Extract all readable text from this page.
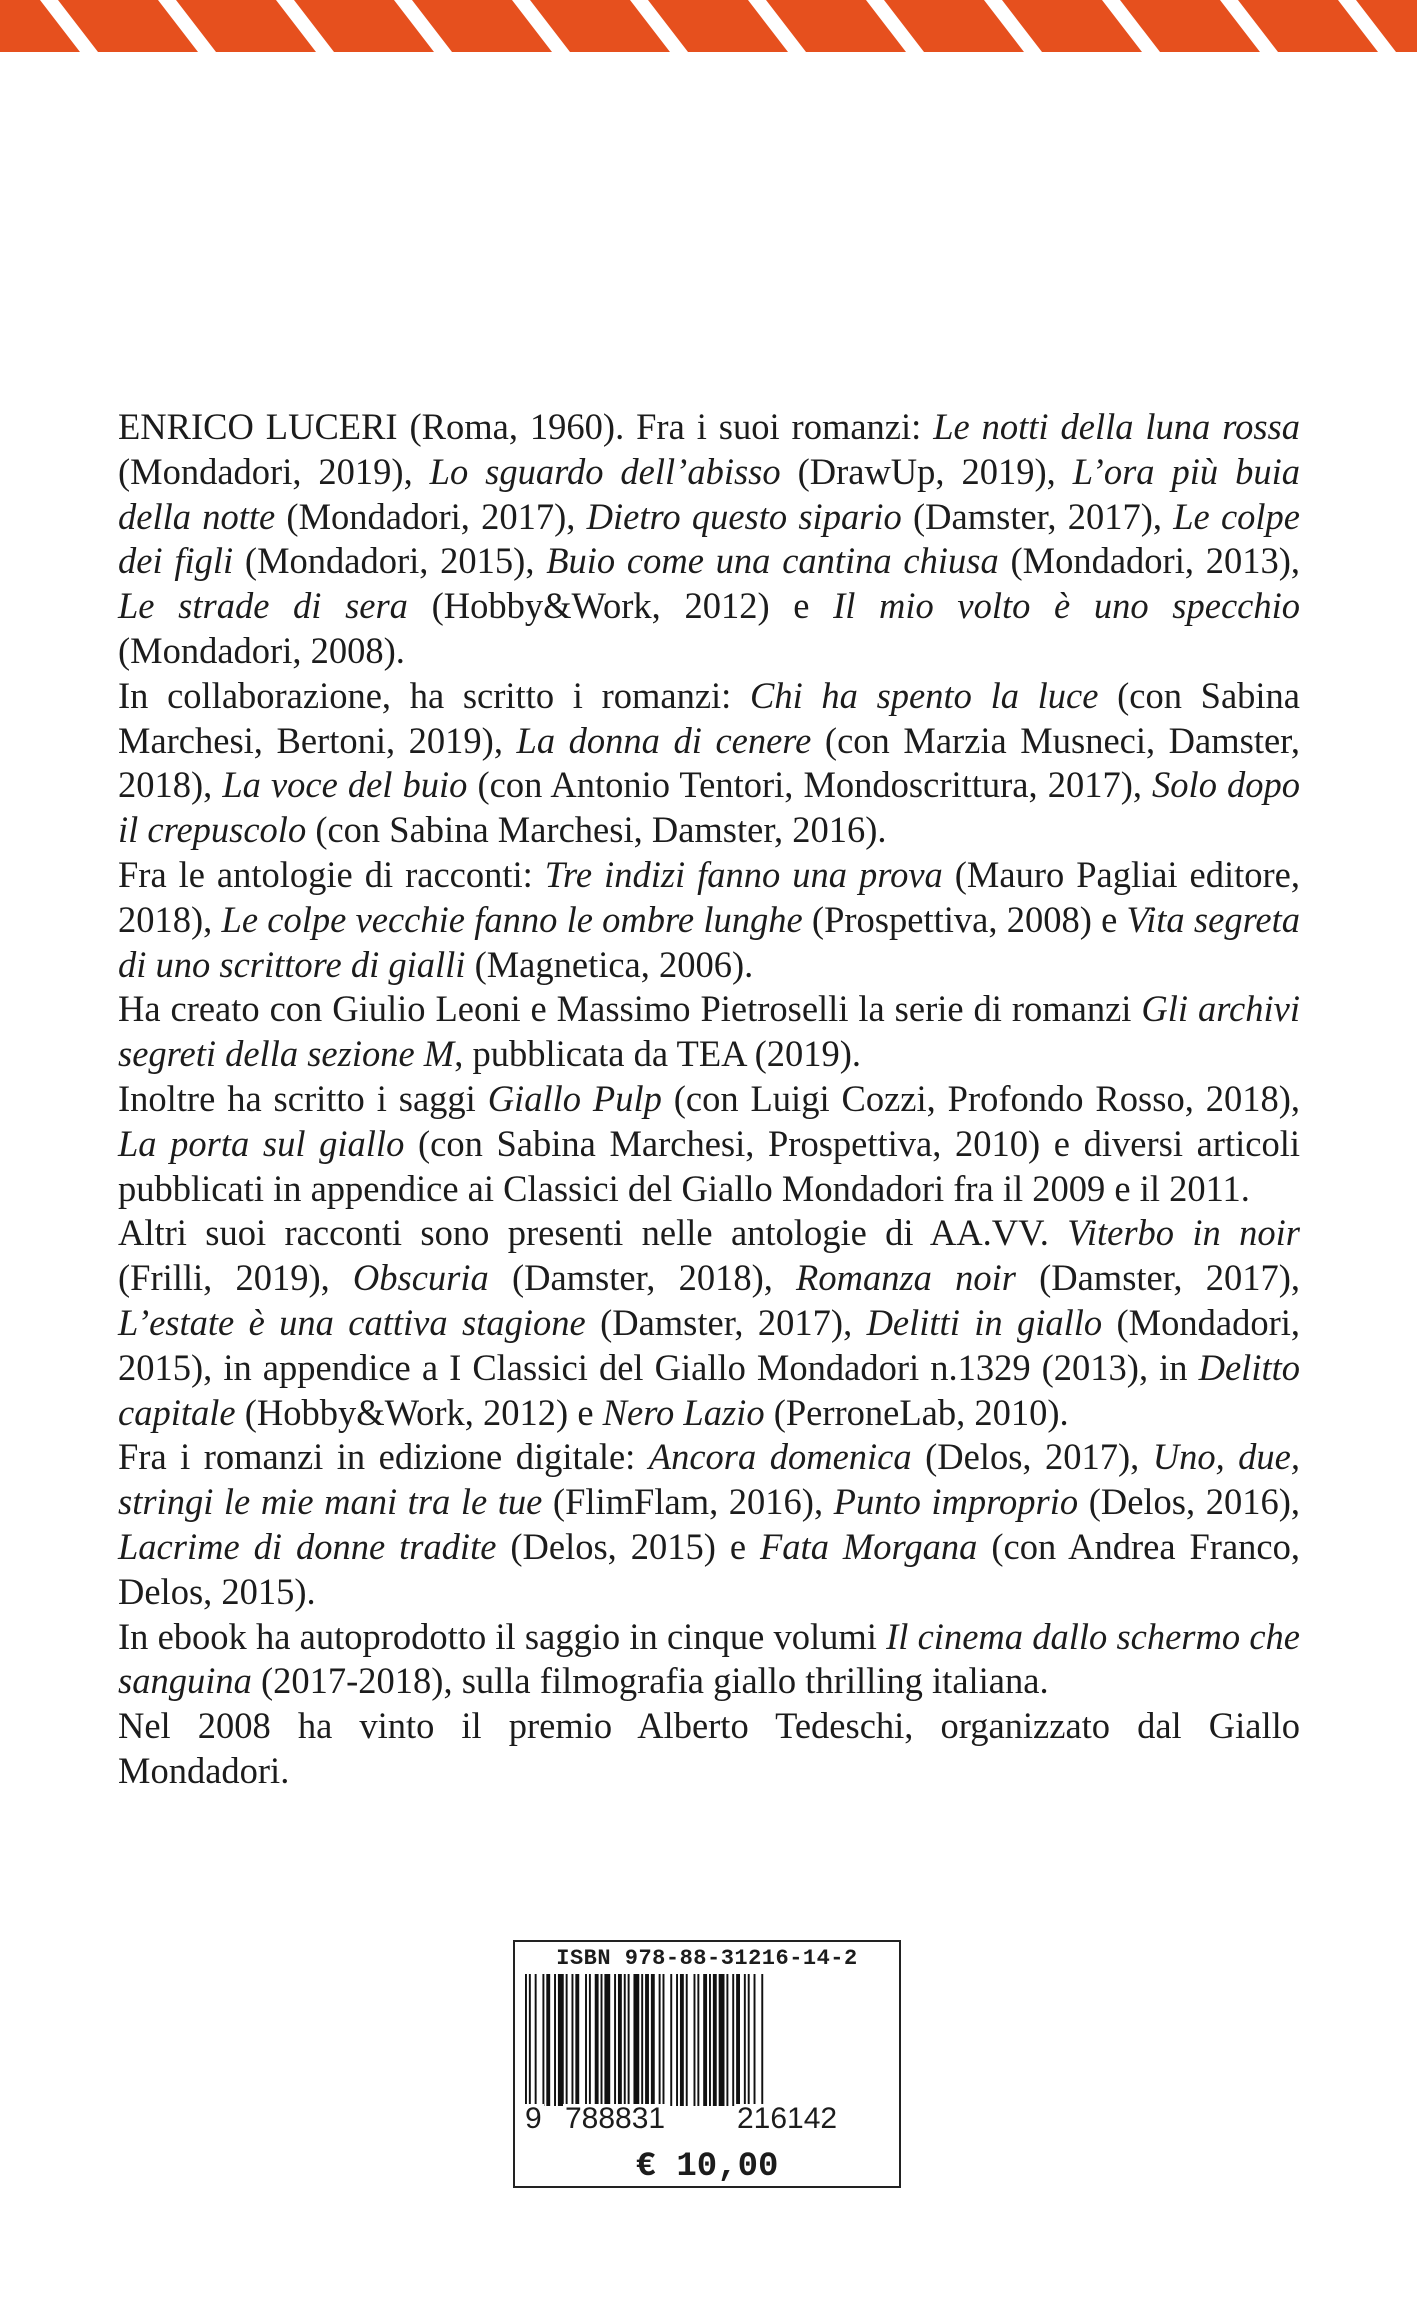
ENRICO LUCERI (Roma, 1960). Fra i suoi romanzi: Le notti della luna rossa (Mondadori, 2019), Lo sguardo dell’abisso (DrawUp, 2019), L’ora più buia della notte (Mondadori, 2017), Dietro questo sipario (Damster, 2017), Le colpe dei figli (Mondadori, 2015), Buio come una cantina chiusa (Mondadori, 2013), Le strade di sera (Hobby&Work, 2012) e Il mio volto è uno specchio (Mondadori, 2008).

In collaborazione, ha scritto i romanzi: Chi ha spento la luce (con Sabina Marchesi, Bertoni, 2019), La donna di cenere (con Marzia Musneci, Damster, 2018), La voce del buio (con Antonio Tentori, Mondoscrittura, 2017), Solo dopo il crepuscolo (con Sabina Marchesi, Damster, 2016).

Fra le antologie di racconti: Tre indizi fanno una prova (Mauro Pagliai editore, 2018), Le colpe vecchie fanno le ombre lunghe (Prospettiva, 2008) e Vita segreta di uno scrittore di gialli (Magnetica, 2006).

Ha creato con Giulio Leoni e Massimo Pietroselli la serie di romanzi Gli archivi segreti della sezione M, pubblicata da TEA (2019).

Inoltre ha scritto i saggi Giallo Pulp (con Luigi Cozzi, Profondo Rosso, 2018), La porta sul giallo (con Sabina Marchesi, Prospettiva, 2010) e diversi articoli pubblicati in appendice ai Classici del Giallo Mondadori fra il 2009 e il 2011.

Altri suoi racconti sono presenti nelle antologie di AA.VV. Viterbo in noir (Frilli, 2019), Obscuria (Damster, 2018), Romanza noir (Damster, 2017), L’estate è una cattiva stagione (Damster, 2017), Delitti in giallo (Mondadori, 2015), in appendice a I Classici del Giallo Mondadori n.1329 (2013), in Delitto capitale (Hobby&Work, 2012) e Nero Lazio (PerroneLab, 2010).

Fra i romanzi in edizione digitale: Ancora domenica (Delos, 2017), Uno, due, stringi le mie mani tra le tue (FlimFlam, 2016), Punto improprio (Delos, 2016), Lacrime di donne tradite (Delos, 2015) e Fata Morgana (con Andrea Franco, Delos, 2015).

In ebook ha autoprodotto il saggio in cinque volumi Il cinema dallo schermo che sanguina (2017-2018), sulla filmografia giallo thrilling italiana.

Nel 2008 ha vinto il premio Alberto Tedeschi, organizzato dal Giallo Mondadori.

ISBN 978-88-31216-14-2
9 788831 216142
€ 10,00
